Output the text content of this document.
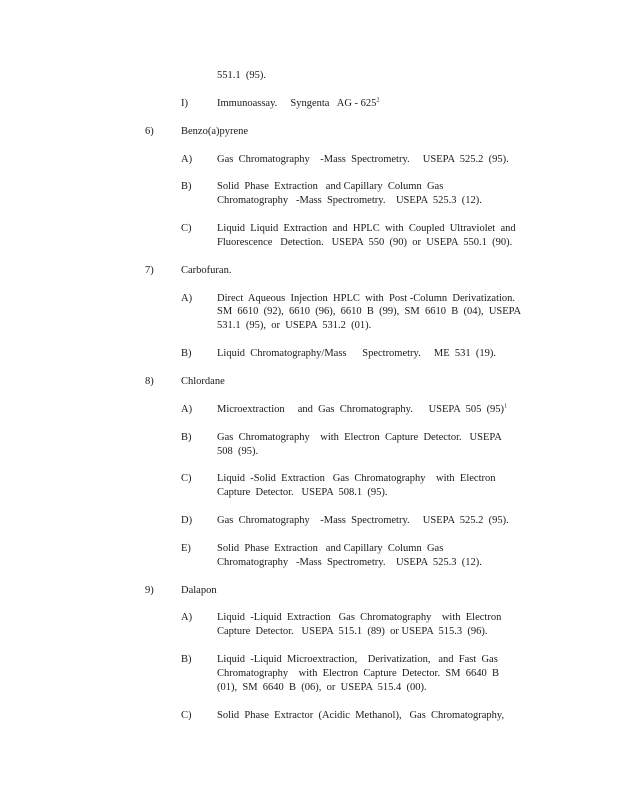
551.1  (95).
I)	Immunoassay.     Syngenta   AG - $625^2$
6)	Benzo(a)pyrene
A) Gas  Chromatography    -Mass  Spectrometry.     USEPA  525.2  (95).
B) Solid  Phase  Extraction   and Capillary  Column  Gas
Chromatography   -Mass  Spectrometry.    USEPA  525.3  (12).
C) Liquid  Liquid  Extraction  and  HPLC  with  Coupled  Ultraviolet  and
Fluorescence   Detection.   USEPA  550  (90)  or  USEPA  550.1  (90).
7)	Carbofuran.
A) Direct  Aqueous  Injection  HPLC  with  Post -Column  Derivatization.
SM  6610  (92),  6610  (96),  6610  B  (99),  SM  6610  B  (04),  USEPA
531.1  (95),  or  USEPA  531.2  (01).
B) Liquid  Chromatography/Mass      Spectrometry.     ME  531  (19).
8)	Chlordane
A) Microextraction     and  Gas  Chromatography.      USEPA  505  $(95)^1$
B) Gas  Chromatography    with  Electron  Capture  Detector.   USEPA
508  (95).
C) Liquid  -Solid  Extraction   Gas  Chromatography    with  Electron
Capture  Detector.   USEPA  508.1  (95).
D) Gas  Chromatography    -Mass  Spectrometry.     USEPA  525.2  (95).
E) Solid  Phase  Extraction   and Capillary  Column  Gas
Chromatography   -Mass  Spectrometry.    USEPA  525.3  (12).
9)	Dalapon
A) Liquid  -Liquid  Extraction   Gas  Chromatography    with  Electron
Capture  Detector.   USEPA  515.1  (89)  or USEPA  515.3  (96).
B) Liquid  -Liquid  Microextraction,    Derivatization,   and  Fast  Gas
Chromatography    with  Electron  Capture  Detector.  SM  6640  B
(01),  SM  6640  B  (06),  or  USEPA  515.4  (00).
C) Solid  Phase  Extractor  (Acidic  Methanol),   Gas  Chromatography,
